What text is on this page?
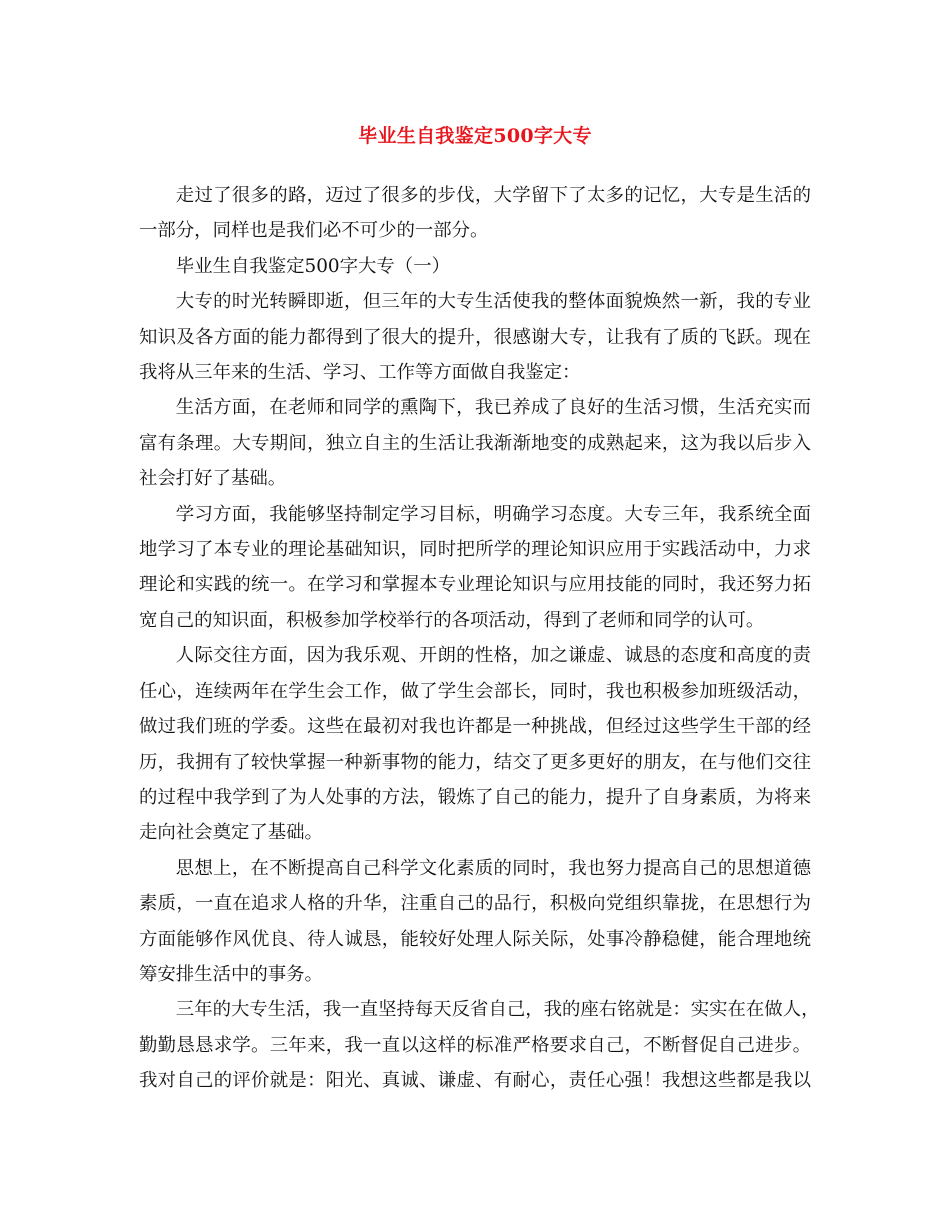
毕业生自我鉴定500字大专

走过了很多的路，迈过了很多的步伐，大学留下了太多的记忆，大专是生活的
一部分，同样也是我们必不可少的一部分。

毕业生自我鉴定500字大专（一）

大专的时光转瞬即逝，但三年的大专生活使我的整体面貌焕然一新，我的专业
知识及各方面的能力都得到了很大的提升，很感谢大专，让我有了质的飞跃。现在
我将从三年来的生活、学习、工作等方面做自我鉴定：

生活方面，在老师和同学的熏陶下，我已养成了良好的生活习惯，生活充实而
富有条理。大专期间，独立自主的生活让我渐渐地变的成熟起来，这为我以后步入
社会打好了基础。

学习方面，我能够坚持制定学习目标，明确学习态度。大专三年，我系统全面
地学习了本专业的理论基础知识，同时把所学的理论知识应用于实践活动中，力求
理论和实践的统一。在学习和掌握本专业理论知识与应用技能的同时，我还努力拓
宽自己的知识面，积极参加学校举行的各项活动，得到了老师和同学的认可。

人际交往方面，因为我乐观、开朗的性格，加之谦虚、诚恳的态度和高度的责
任心，连续两年在学生会工作，做了学生会部长，同时，我也积极参加班级活动，
做过我们班的学委。这些在最初对我也许都是一种挑战，但经过这些学生干部的经
历，我拥有了较快掌握一种新事物的能力，结交了更多更好的朋友，在与他们交往
的过程中我学到了为人处事的方法，锻炼了自己的能力，提升了自身素质，为将来
走向社会奠定了基础。

思想上，在不断提高自己科学文化素质的同时，我也努力提高自己的思想道德
素质，一直在追求人格的升华，注重自己的品行，积极向党组织靠拢，在思想行为
方面能够作风优良、待人诚恳，能较好处理人际关际，处事冷静稳健，能合理地统
筹安排生活中的事务。

三年的大专生活，我一直坚持每天反省自己，我的座右铭就是：实实在在做人，
勤勤恳恳求学。三年来，我一直以这样的标准严格要求自己，不断督促自己进步。
我对自己的评价就是：阳光、真诚、谦虚、有耐心，责任心强！我想这些都是我以
